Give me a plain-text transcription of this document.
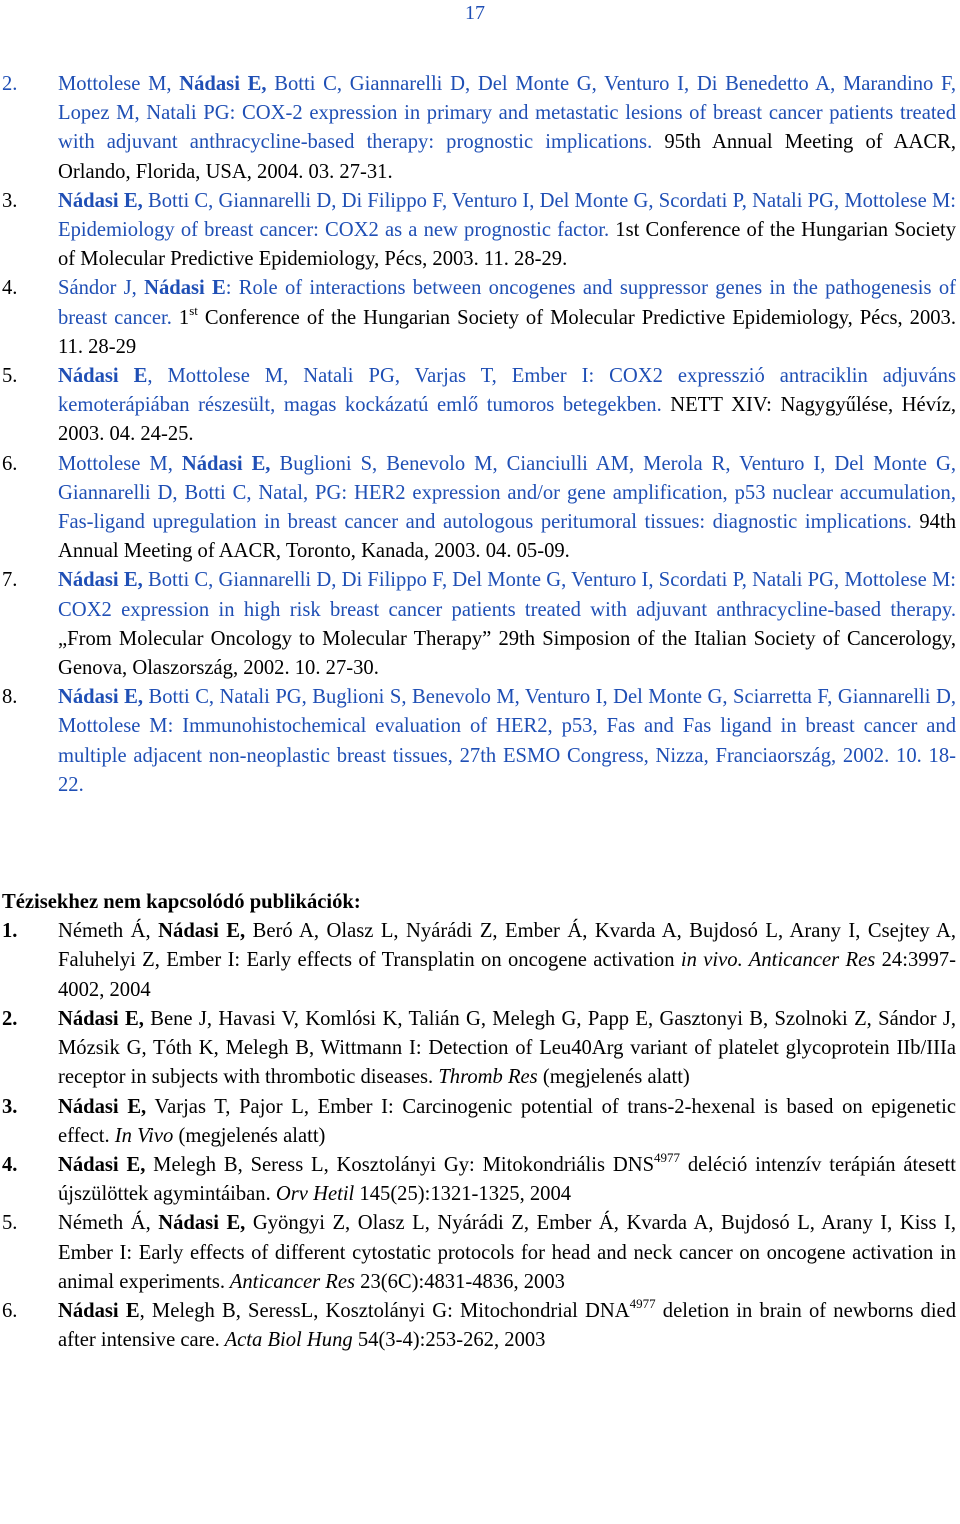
17
2.	Mottolese M, Nádasi E, Botti C, Giannarelli D, Del Monte G, Venturo I, Di Benedetto A, Marandino F, Lopez M, Natali PG: COX-2 expression in primary and metastatic lesions of breast cancer patients treated with adjuvant anthracycline-based therapy: prognostic implications. 95th Annual Meeting of AACR, Orlando, Florida, USA, 2004. 03. 27-31.
3.	Nádasi E, Botti C, Giannarelli D, Di Filippo F, Venturo I, Del Monte G, Scordati P, Natali PG, Mottolese M: Epidemiology of breast cancer: COX2 as a new prognostic factor. 1st Conference of the Hungarian Society of Molecular Predictive Epidemiology, Pécs, 2003. 11. 28-29.
4.	Sándor J, Nádasi E: Role of interactions between oncogenes and suppressor genes in the pathogenesis of breast cancer. 1st Conference of the Hungarian Society of Molecular Predictive Epidemiology, Pécs, 2003. 11. 28-29
5.	Nádasi E, Mottolese M, Natali PG, Varjas T, Ember I: COX2 expresszió antraciklin adjuváns kemoterápiában részesült, magas kockázatú emlő tumoros betegekben. NETT XIV: Nagygyűlése, Hévíz, 2003. 04. 24-25.
6.	Mottolese M, Nádasi E, Buglioni S, Benevolo M, Cianciulli AM, Merola R, Venturo I, Del Monte G, Giannarelli D, Botti C, Natal, PG: HER2 expression and/or gene amplification, p53 nuclear accumulation, Fas-ligand upregulation in breast cancer and autologous peritumoral tissues: diagnostic implications. 94th Annual Meeting of AACR, Toronto, Kanada, 2003. 04. 05-09.
7.	Nádasi E, Botti C, Giannarelli D, Di Filippo F, Del Monte G, Venturo I, Scordati P, Natali PG, Mottolese M: COX2 expression in high risk breast cancer patients treated with adjuvant anthracycline-based therapy. „From Molecular Oncology to Molecular Therapy” 29th Simposion of the Italian Society of Cancerology, Genova, Olaszország, 2002. 10. 27-30.
8.	Nádasi E, Botti C, Natali PG, Buglioni S, Benevolo M, Venturo I, Del Monte G, Sciarretta F, Giannarelli D, Mottolese M: Immunohistochemical evaluation of HER2, p53, Fas and Fas ligand in breast cancer and multiple adjacent non-neoplastic breast tissues, 27th ESMO Congress, Nizza, Franciaország, 2002. 10. 18-22.
Tézisekhez nem kapcsolódó publikációk:
1.	Németh Á, Nádasi E, Beró A, Olasz L, Nyárádi Z, Ember Á, Kvarda A, Bujdosó L, Arany I, Csejtey A, Faluhelyi Z, Ember I: Early effects of Transplatin on oncogene activation in vivo. Anticancer Res 24:3997-4002, 2004
2.	Nádasi E, Bene J, Havasi V, Komlósi K, Talián G, Melegh G, Papp E, Gasztonyi B, Szolnoki Z, Sándor J, Mózsik G, Tóth K, Melegh B, Wittmann I: Detection of Leu40Arg variant of platelet glycoprotein IIb/IIIa receptor in subjects with thrombotic diseases. Thromb Res (megjelenés alatt)
3.	Nádasi E, Varjas T, Pajor L, Ember I: Carcinogenic potential of trans-2-hexenal is based on epigenetic effect. In Vivo (megjelenés alatt)
4.	Nádasi E, Melegh B, Seress L, Kosztolányi Gy: Mitokondriális $DNS^{4977}$ deléció intenzív terápián átesett újszülöttek agymintáiban. Orv Hetil 145(25):1321-1325, 2004
5.	Németh Á, Nádasi E, Gyöngyi Z, Olasz L, Nyárádi Z, Ember Á, Kvarda A, Bujdosó L, Arany I, Kiss I, Ember I: Early effects of different cytostatic protocols for head and neck cancer on oncogene activation in animal experiments. Anticancer Res 23(6C):4831-4836, 2003
6.	Nádasi E, Melegh B, SeressL, Kosztolányi G: Mitochondrial $DNA^{4977}$ deletion in brain of newborns died after intensive care. Acta Biol Hung 54(3-4):253-262, 2003
